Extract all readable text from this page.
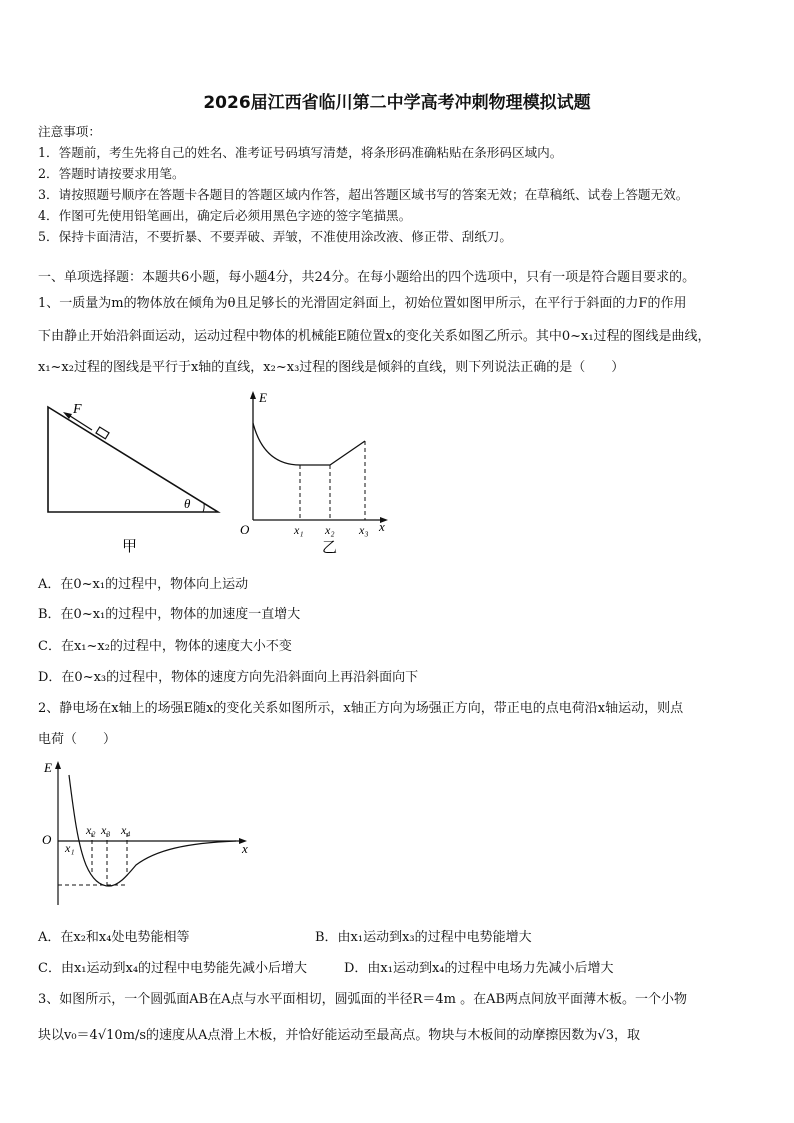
2026届江西省临川第二中学高考冲刺物理模拟试题
注意事项：
1．答题前，考生先将自己的姓名、准考证号码填写清楚，将条形码准确粘贴在条形码区域内。
2．答题时请按要求用笔。
3．请按照题号顺序在答题卡各题目的答题区域内作答，超出答题区域书写的答案无效；在草稿纸、试卷上答题无效。
4．作图可先使用铅笔画出，确定后必须用黑色字迹的签字笔描黑。
5．保持卡面清洁，不要折暴、不要弄破、弄皱，不准使用涂改液、修正带、刮纸刀。
一、单项选择题：本题共6小题，每小题4分，共24分。在每小题给出的四个选项中，只有一项是符合题目要求的。
1、一质量为m的物体放在倾角为θ且足够长的光滑固定斜面上，初始位置如图甲所示，在平行于斜面的力F的作用
下由静止开始沿斜面运动，运动过程中物体的机械能E随位置x的变化关系如图乙所示。其中0~x₁过程的图线是曲线，
x₁~x₂过程的图线是平行于x轴的直线，x₂~x₃过程的图线是倾斜的直线，则下列说法正确的是（　　）
F
θ
甲
E
x
O	x₁ x₂ x₃
乙
A．在0~x₁的过程中，物体向上运动
B．在0~x₁的过程中，物体的加速度一直增大
C．在x₁~x₂的过程中，物体的速度大小不变
D．在0~x₃的过程中，物体的速度方向先沿斜面向上再沿斜面向下
2、静电场在x轴上的场强E随x的变化关系如图所示，x轴正方向为场强正方向，带正电的点电荷沿x轴运动，则点
电荷（　　）
E
x
O
x₁
x₂ x₃ x₄
A．在x₂和x₄处电势能相等	B．由x₁运动到x₃的过程中电势能增大
C．由x₁运动到x₄的过程中电势能先减小后增大	D．由x₁运动到x₄的过程中电场力先减小后增大
3、如图所示，一个圆弧面AB在A点与水平面相切，圆弧面的半径R＝4m 。在AB两点间放平面薄木板。一个小物
块以v₀＝4√10m/s的速度从A点滑上木板，并恰好能运动至最高点。物块与木板间的动摩擦因数为√3，取
